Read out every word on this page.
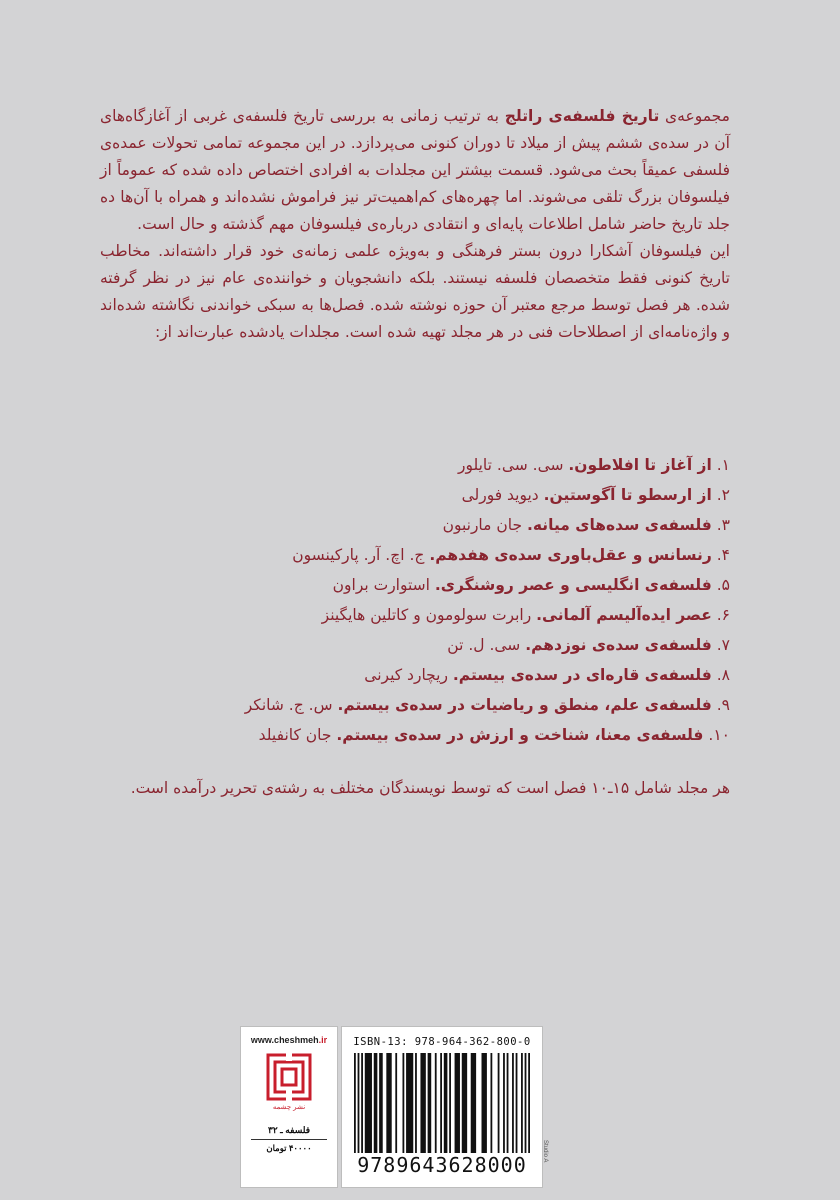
مجموعه‌ی تاریخ فلسفه‌ی راتلج به ترتیب زمانی به بررسی تاریخ فلسفه‌ی غربی از آغازگاه‌های آن در سده‌ی ششم پیش از میلاد تا دوران کنونی می‌پردازد. در این مجموعه تمامی تحولات عمده‌ی فلسفی عمیقاً بحث می‌شود. قسمت بیشتر این مجلدات به افرادی اختصاص داده شده که عموماً از فیلسوفان بزرگ تلقی می‌شوند. اما چهره‌های کم‌اهمیت‌تر نیز فراموش نشده‌اند و همراه با آن‌ها ده جلد تاریخ حاضر شامل اطلاعات پایه‌ای و انتقادی درباره‌ی فیلسوفان مهم گذشته و حال است.

این فیلسوفان آشکارا درون بستر فرهنگی و به‌ویژه علمی زمانه‌ی خود قرار داشته‌اند. مخاطب تاریخ کنونی فقط متخصصان فلسفه نیستند. بلکه دانشجویان و خواننده‌ی عام نیز در نظر گرفته شده. هر فصل توسط مرجع معتبر آن حوزه نوشته شده. فصل‌ها به سبکی خواندنی نگاشته شده‌اند و واژه‌نامه‌ای از اصطلاحات فنی در هر مجلد تهیه شده است. مجلدات یادشده عبارت‌اند از:

۱. از آغاز تا افلاطون. سی. سی. تایلور
۲. از ارسطو تا آگوستین. دیوید فورلی
۳. فلسفه‌ی سده‌های میانه. جان مارنبون
۴. رنسانس و عقل‌باوری سده‌ی هفدهم. ج. اچ. آر. پارکینسون
۵. فلسفه‌ی انگلیسی و عصر روشنگری. استوارت براون
۶. عصر ایده‌آلیسم آلمانی. رابرت سولومون و کاتلین هایگینز
۷. فلسفه‌ی سده‌ی نوزدهم. سی. ل. تن
۸. فلسفه‌ی قاره‌ای در سده‌ی بیستم. ریچارد کیرنی
۹. فلسفه‌ی علم، منطق و ریاضیات در سده‌ی بیستم. س. ج. شانکر
۱۰. فلسفه‌ی معنا، شناخت و ارزش در سده‌ی بیستم. جان کانفیلد

هر مجلد شامل ۱۵ـ۱۰ فصل است که توسط نویسندگان مختلف به رشته‌ی تحریر درآمده است.

www.cheshmeh.ir
نشر چشمه
فلسفه ـ ۳۲
۴۰۰۰۰ تومان
ISBN-13: 978-964-362-800-0
9789643628000
Studio A
